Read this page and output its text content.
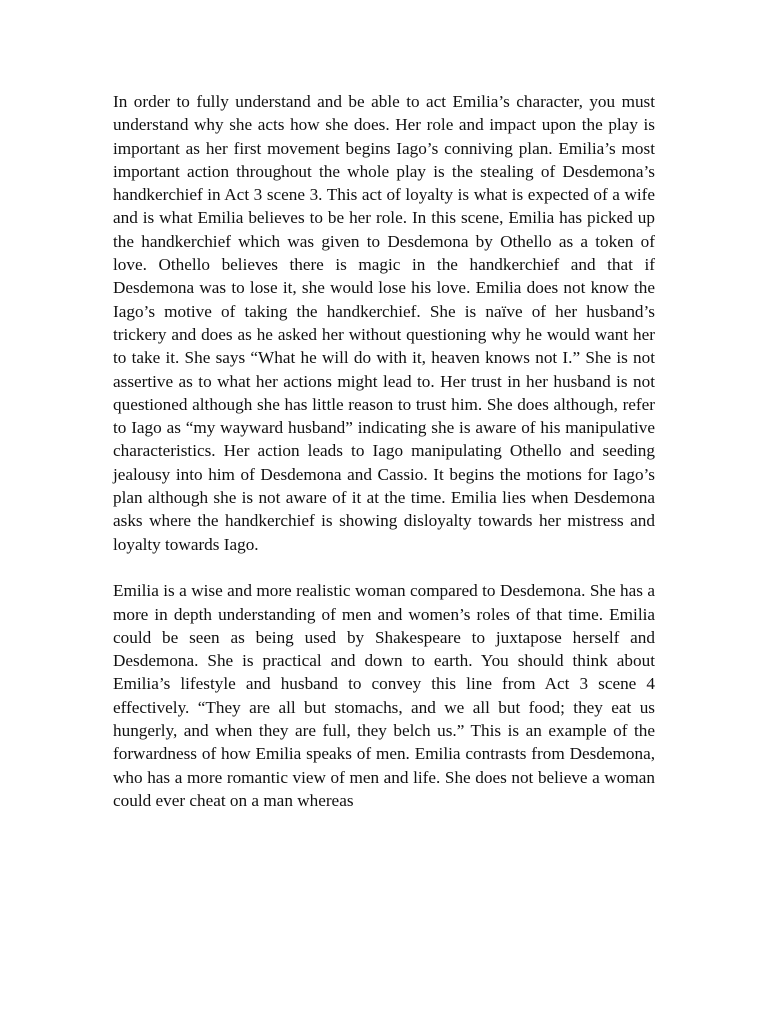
In order to fully understand and be able to act Emilia’s character, you must understand why she acts how she does. Her role and impact upon the play is important as her first movement begins Iago’s conniving plan. Emilia’s most important action throughout the whole play is the stealing of Desdemona’s handkerchief in Act 3 scene 3. This act of loyalty is what is expected of a wife and is what Emilia believes to be her role. In this scene, Emilia has picked up the handkerchief which was given to Desdemona by Othello as a token of love. Othello believes there is magic in the handkerchief and that if Desdemona was to lose it, she would lose his love. Emilia does not know the Iago’s motive of taking the handkerchief. She is naïve of her husband’s trickery and does as he asked her without questioning why he would want her to take it. She says “What he will do with it, heaven knows not I.” She is not assertive as to what her actions might lead to. Her trust in her husband is not questioned although she has little reason to trust him. She does although, refer to Iago as “my wayward husband” indicating she is aware of his manipulative characteristics. Her action leads to Iago manipulating Othello and seeding jealousy into him of Desdemona and Cassio. It begins the motions for Iago’s plan although she is not aware of it at the time. Emilia lies when Desdemona asks where the handkerchief is showing disloyalty towards her mistress and loyalty towards Iago.

Emilia is a wise and more realistic woman compared to Desdemona. She has a more in depth understanding of men and women’s roles of that time. Emilia could be seen as being used by Shakespeare to juxtapose herself and Desdemona. She is practical and down to earth. You should think about Emilia’s lifestyle and husband to convey this line from Act 3 scene 4 effectively. “They are all but stomachs, and we all but food; they eat us hungerly, and when they are full, they belch us.” This is an example of the forwardness of how Emilia speaks of men. Emilia contrasts from Desdemona, who has a more romantic view of men and life. She does not believe a woman could ever cheat on a man whereas
